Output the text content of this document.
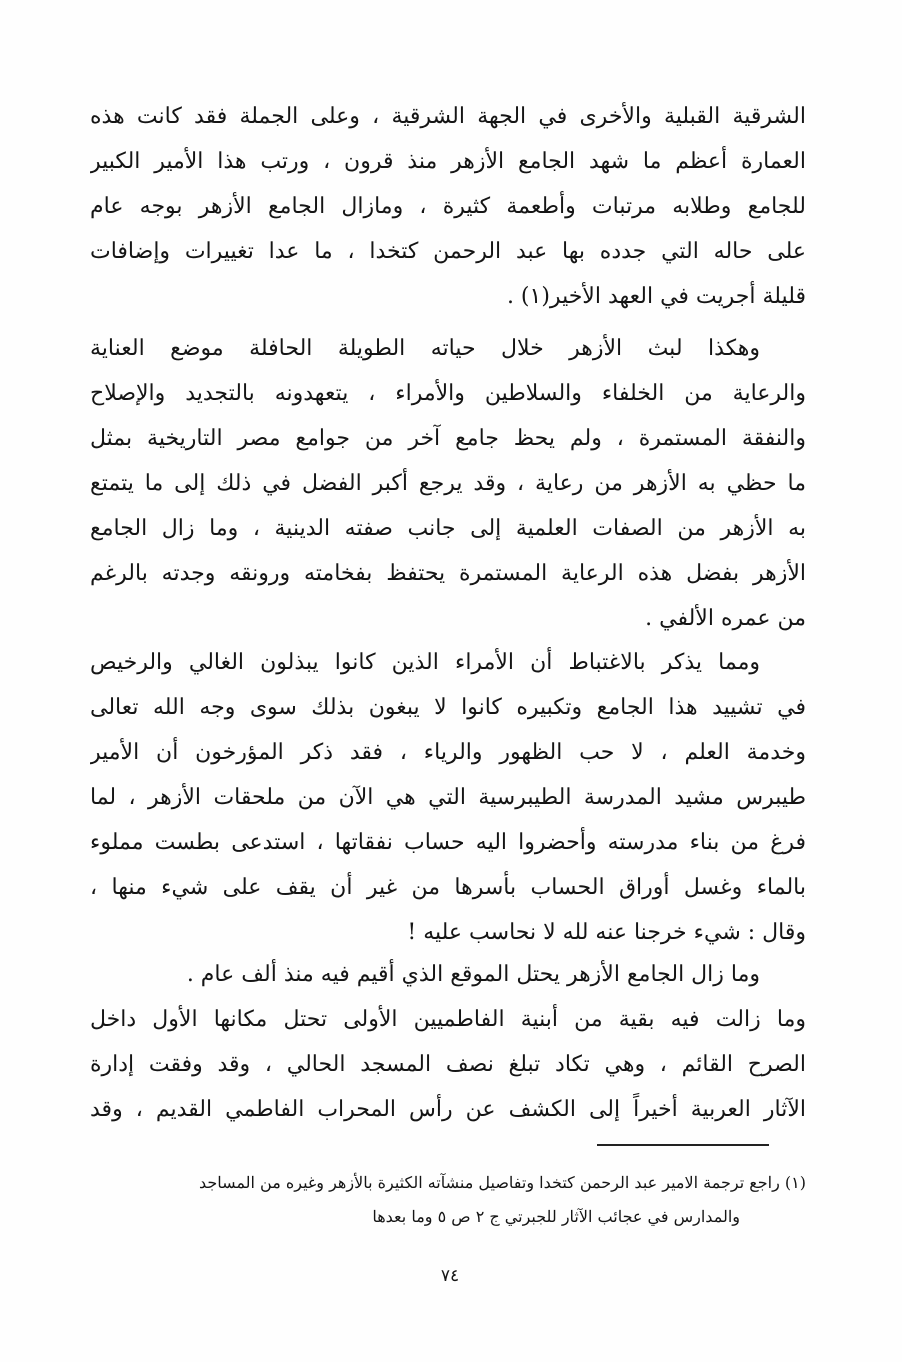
الشرقية القبلية والأخرى في الجهة الشرقية ، وعلى الجملة فقد كانت هذه
العمارة أعظم ما شهد الجامع الأزهر منذ قرون ، ورتب هذا الأمير الكبير
للجامع وطلابه مرتبات وأطعمة كثيرة ، ومازال الجامع الأزهر بوجه عام
على حاله التي جدده بها عبد الرحمن كتخدا ، ما عدا تغييرات وإضافات
قليلة أجريت في العهد الأخير(١) .
وهكذا لبث الأزهر خلال حياته الطويلة الحافلة موضع العناية
والرعاية من الخلفاء والسلاطين والأمراء ، يتعهدونه بالتجديد والإصلاح
والنفقة المستمرة ، ولم يحظ جامع آخر من جوامع مصر التاريخية بمثل
ما حظي به الأزهر من رعاية ، وقد يرجع أكبر الفضل في ذلك إلى ما يتمتع
به الأزهر من الصفات العلمية إلى جانب صفته الدينية ، وما زال الجامع
الأزهر بفضل هذه الرعاية المستمرة يحتفظ بفخامته ورونقه وجدته بالرغم
من عمره الألفي .
ومما يذكر بالاغتباط أن الأمراء الذين كانوا يبذلون الغالي والرخيص
في تشييد هذا الجامع وتكبيره كانوا لا يبغون بذلك سوى وجه الله تعالى
وخدمة العلم ، لا حب الظهور والرياء ، فقد ذكر المؤرخون أن الأمير
طيبرس مشيد المدرسة الطيبرسية التي هي الآن من ملحقات الأزهر ، لما
فرغ من بناء مدرسته وأحضروا اليه حساب نفقاتها ، استدعى بطست مملوء
بالماء وغسل أوراق الحساب بأسرها من غير أن يقف على شيء منها ،
وقال : شيء خرجنا عنه لله لا نحاسب عليه !
وما زال الجامع الأزهر يحتل الموقع الذي أقيم فيه منذ ألف عام .
وما زالت فيه بقية من أبنية الفاطميين الأولى تحتل مكانها الأول داخل
الصرح القائم ، وهي تكاد تبلغ نصف المسجد الحالي ، وقد وفقت إدارة
الآثار العربية أخيراً إلى الكشف عن رأس المحراب الفاطمي القديم ، وقد
(١) راجع ترجمة الامير عبد الرحمن كتخدا وتفاصيل منشآته الكثيرة بالأزهر وغيره من المساجد
والمدارس في عجائب الآثار للجبرتي ج ٢ ص ٥ وما بعدها
٧٤
